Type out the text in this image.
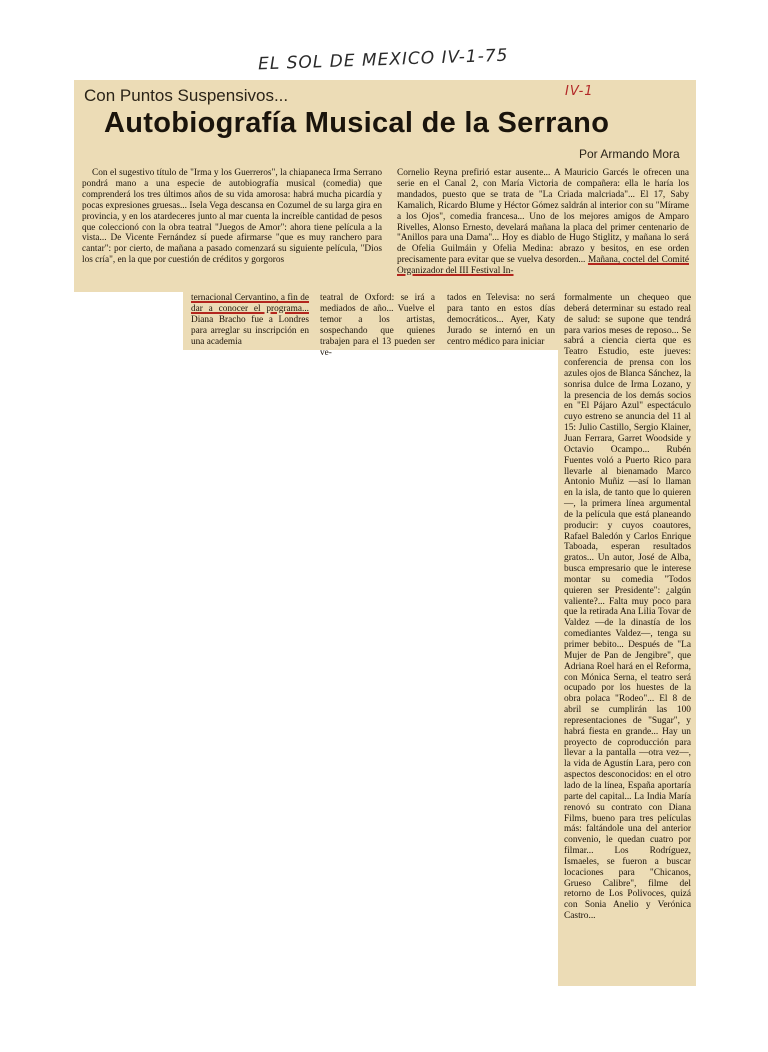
EL SOL DE MEXICO IV-1-75
IV-1
Con Puntos Suspensivos...
Autobiografía Musical de la Serrano
Por Armando Mora

Con el sugestivo título de "Irma y los Guerreros", la chiapaneca Irma Serrano pondrá mano a una especie de autobiografía musical (comedia) que comprenderá los tres últimos años de su vida amorosa: habrá mucha picardía y pocas expresiones gruesas... Isela Vega descansa en Cozumel de su larga gira en provincia, y en los atardeceres junto al mar cuenta la increíble cantidad de pesos que coleccionó con la obra teatral "Juegos de Amor": ahora tiene película a la vista... De Vicente Fernández sí puede afirmarse "que es muy ranchero para cantar": por cierto, de mañana a pasado comenzará su siguiente película, "Dios los cría", en la que por cuestión de créditos y gorgoros

Cornelio Reyna prefirió estar ausente... A Mauricio Garcés le ofrecen una serie en el Canal 2, con María Victoria de compañera: ella le haría los mandados, puesto que se trata de "La Criada malcriada"... El 17, Saby Kamalich, Ricardo Blume y Héctor Gómez saldrán al interior con su "Mírame a los Ojos", comedia francesa... Uno de los mejores amigos de Amparo Rivelles, Alonso Ernesto, develará mañana la placa del primer centenario de "Anillos para una Dama"... Hoy es diablo de Hugo Stiglitz, y mañana lo será de Ofelia Guilmáin y Ofelia Medina: abrazo y besitos, en ese orden precisamente para evitar que se vuelva desorden... Mañana, coctel del Comité Organizador del III Festival In-
ternacional Cervantino, a fin de dar a conocer el programa... Diana Bracho fue a Londres para arreglar su inscripción en una academia

teatral de Oxford: se irá a mediados de año... Vuelve el temor a los artistas, sospechando que quienes trabajen para el 13 pueden ser ve-

tados en Televisa: no será para tanto en estos días democráticos... Ayer, Katy Jurado se internó en un centro médico para iniciar

formalmente un chequeo que deberá determinar su estado real de salud: se supone que tendrá para varios meses de reposo... Se sabrá a ciencia cierta que es Teatro Estudio, este jueves: conferencia de prensa con los azules ojos de Blanca Sánchez, la sonrisa dulce de Irma Lozano, y la presencia de los demás socios en "El Pájaro Azul" espectáculo cuyo estreno se anuncia del 11 al 15: Julio Castillo, Sergio Klainer, Juan Ferrara, Garret Woodside y Octavio Ocampo... Rubén Fuentes voló a Puerto Rico para llevarle al bienamado Marco Antonio Muñiz —así lo llaman en la isla, de tanto que lo quieren—, la primera línea argumental de la película que está planeando producir: y cuyos coautores, Rafael Baledón y Carlos Enrique Taboada, esperan resultados gratos... Un autor, José de Alba, busca empresario que le interese montar su comedia "Todos quieren ser Presidente": ¿algún valiente?... Falta muy poco para que la retirada Ana Lilia Tovar de Valdez —de la dinastía de los comediantes Valdez—, tenga su primer bebito... Después de "La Mujer de Pan de Jengibre", que Adriana Roel hará en el Reforma, con Mónica Serna, el teatro será ocupado por los huestes de la obra polaca "Rodeo"... El 8 de abril se cumplirán las 100 representaciones de "Sugar", y habrá fiesta en grande... Hay un proyecto de coproducción para llevar a la pantalla —otra vez—, la vida de Agustín Lara, pero con aspectos desconocidos: en el otro lado de la línea, España aportaría parte del capital... La India María renovó su contrato con Diana Films, bueno para tres películas más: faltándole una del anterior convenio, le quedan cuatro por filmar... Los Rodríguez, Ismaeles, se fueron a buscar locaciones para "Chicanos, Grueso Calibre", filme del retorno de Los Polivoces, quizá con Sonia Anelio y Verónica Castro...
